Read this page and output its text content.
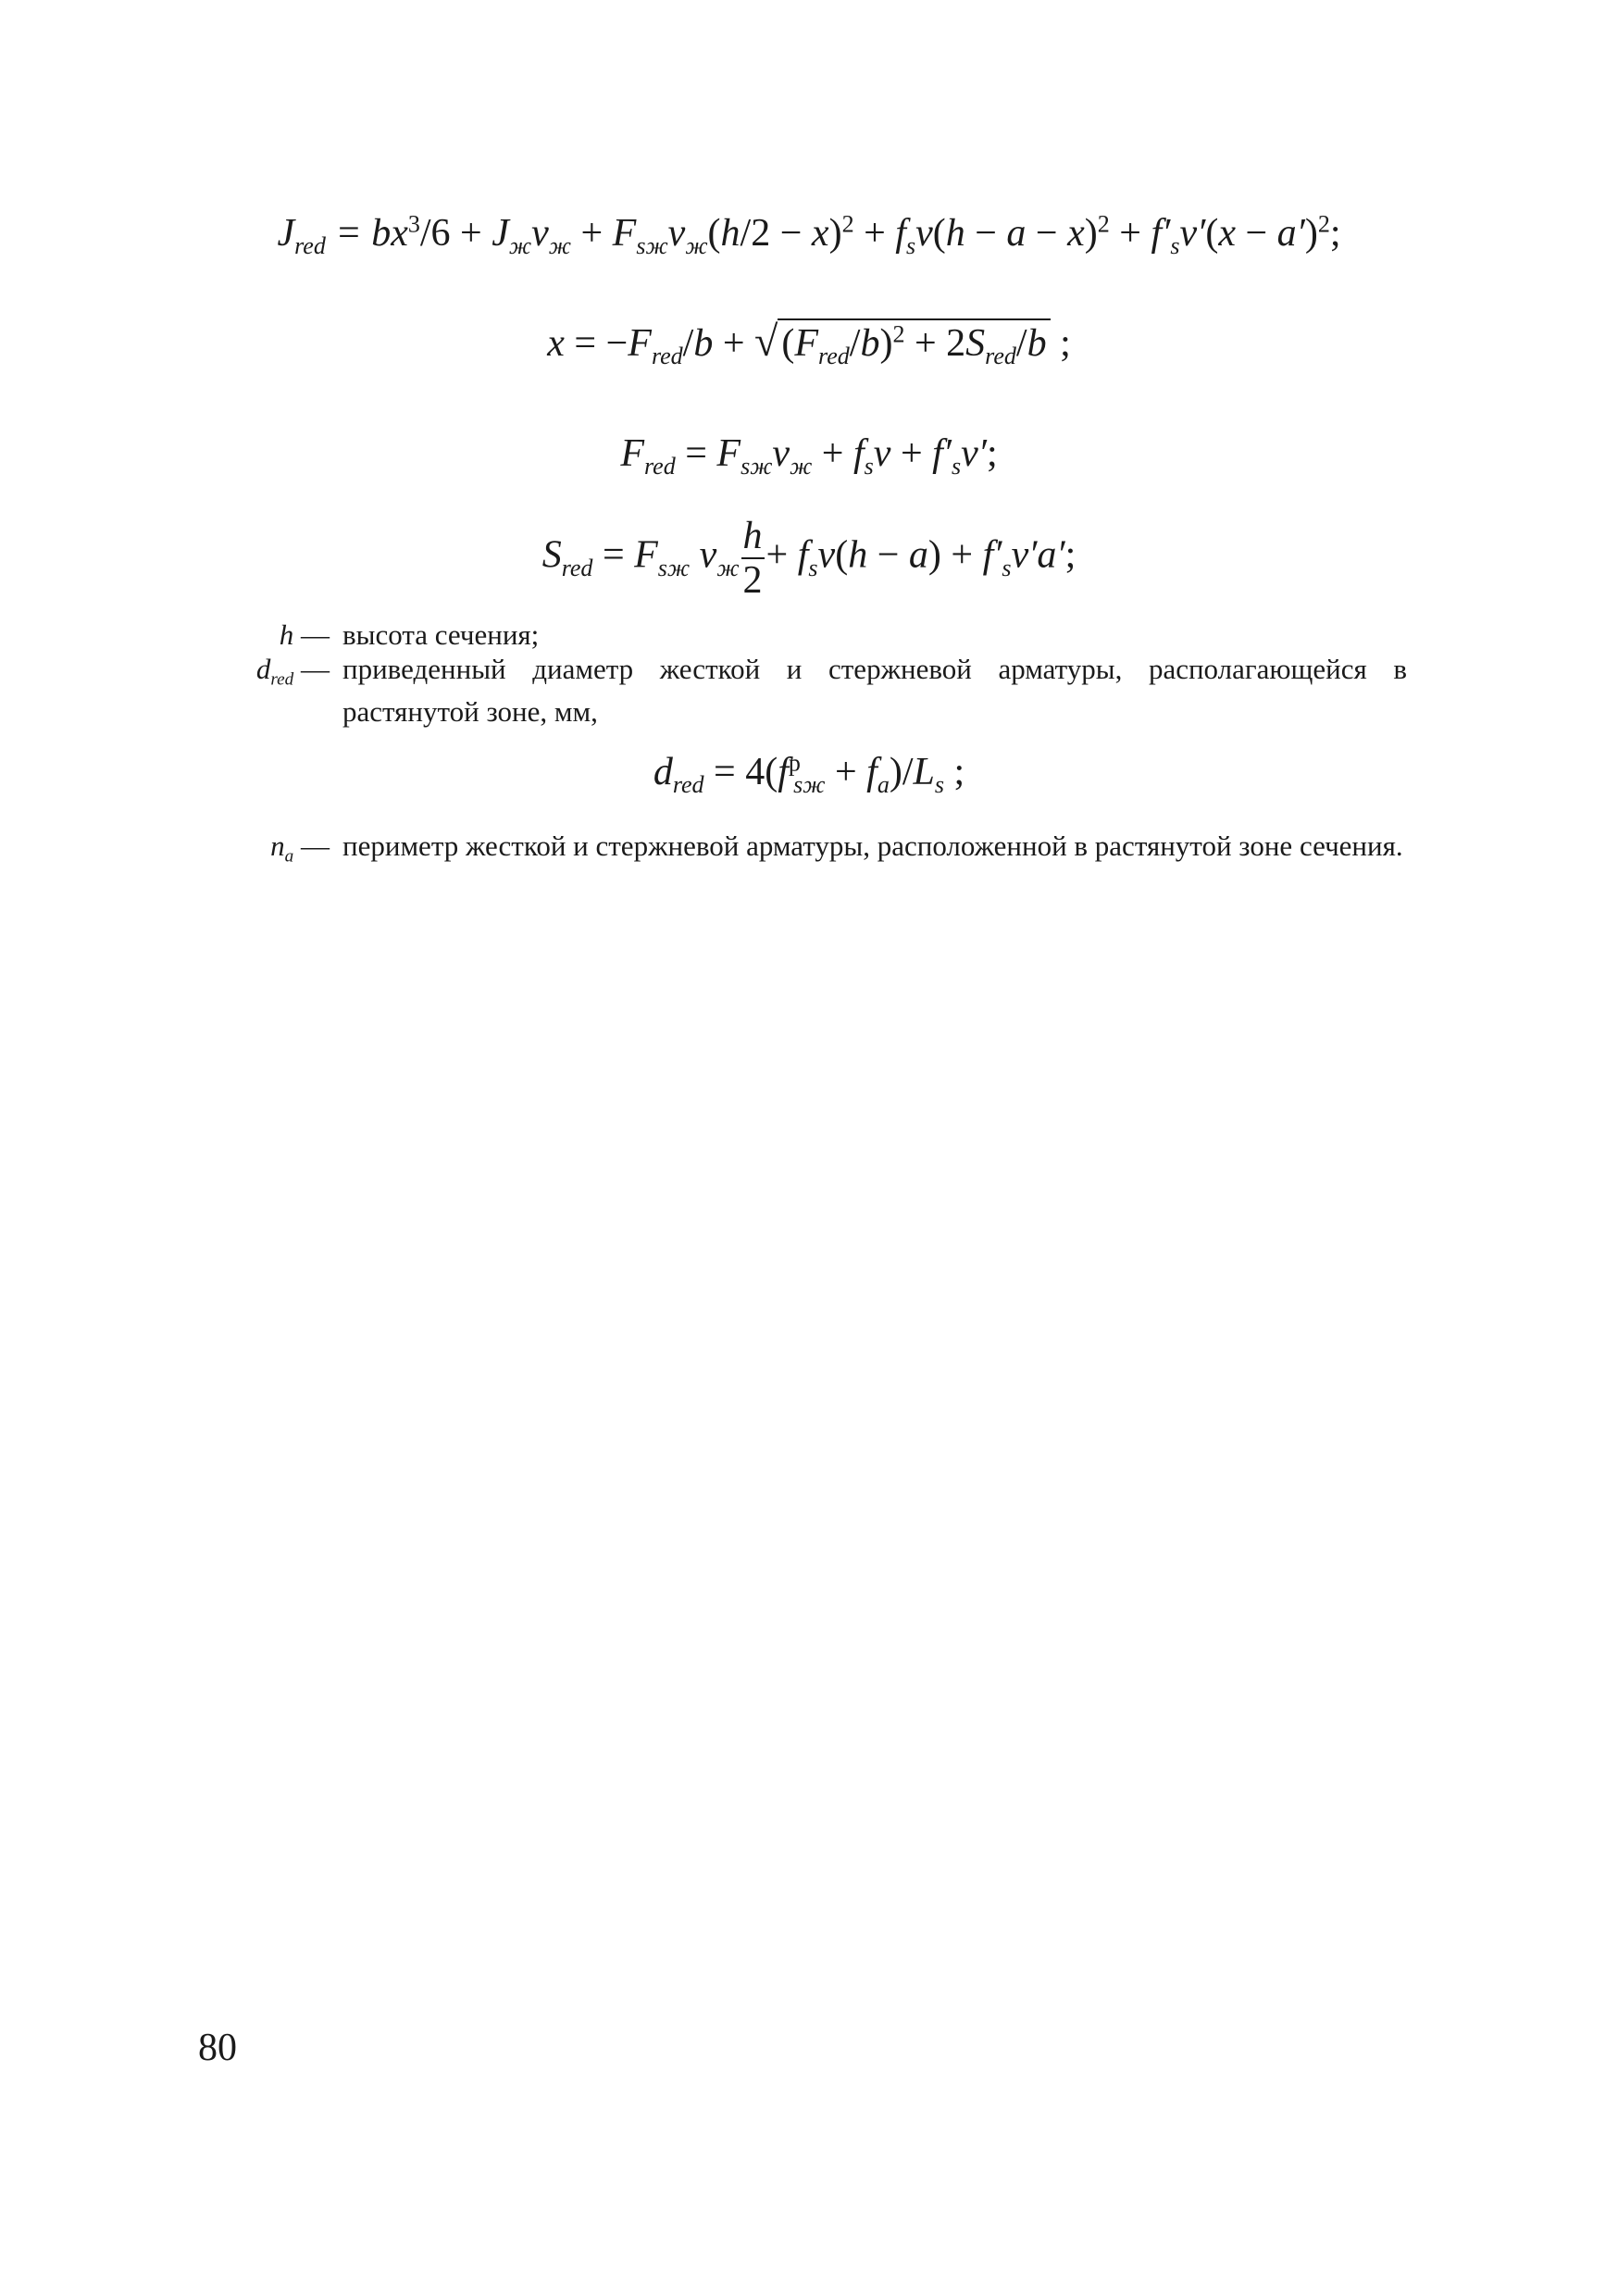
$J_{red} = bx^3/6 + J_жv_ж + F_{sж}v_ж(h/2 - x)^2 + f_sv(h - a - x)^2 + f'_sv'(x - a')^2$;
$x = -F_{red}/b + √(F_{red}/b)^2 + 2S_{red}/b$ ;
$F_{red} = F_{sж}v_ж + f_sv + f'_sv'$;
$S_{red} = F_{sж}$ $v_ж \frac{h}{2} + f_sv(h - a) + f'_sv'a'$;
h — высота сечения;
$d_{red}$ — приведенный диаметр жесткой и стержневой арматуры, располагающейся в растянутой зоне, мм,
$d_{red} = 4(f^p_{sж} + f_a)/L_s$ ;
$n_a$ — периметр жесткой и стержневой арматуры, расположенной в растянутой зоне сечения.
80
